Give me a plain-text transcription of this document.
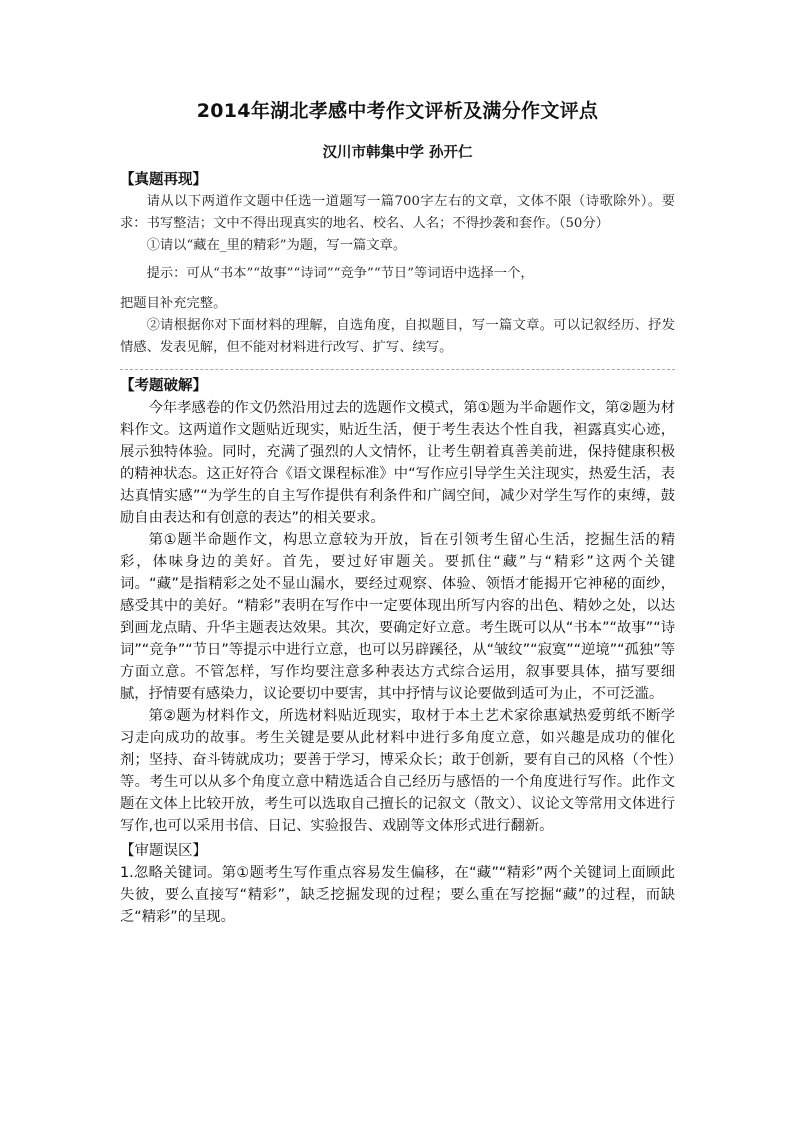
2014年湖北孝感中考作文评析及满分作文评点
汉川市韩集中学 孙开仁
【真题再现】

请从以下两道作文题中任选一道题写一篇700字左右的文章，文体不限（诗歌除外）。要求：书写整洁；文中不得出现真实的地名、校名、人名；不得抄袭和套作。（50分）

①请以“藏在_里的精彩”为题，写一篇文章。

提示：可从“书本”“故事”“诗词”“竞争”“节日”等词语中选择一个，

把题目补充完整。

②请根据你对下面材料的理解，自选角度，自拟题目，写一篇文章。可以记叙经历、抒发情感、发表见解，但不能对材料进行改写、扩写、续写。

【考题破解】

今年孝感卷的作文仍然沿用过去的选题作文模式，第①题为半命题作文，第②题为材料作文。这两道作文题贴近现实，贴近生活，便于考生表达个性自我，袒露真实心迹，展示独特体验。同时，充满了强烈的人文情怀，让考生朝着真善美前进，保持健康积极的精神状态。这正好符合《语文课程标准》中“写作应引导学生关注现实，热爱生活，表达真情实感”“为学生的自主写作提供有利条件和广阔空间，减少对学生写作的束缚，鼓励自由表达和有创意的表达”的相关要求。

第①题半命题作文，构思立意较为开放，旨在引领考生留心生活，挖掘生活的精彩，体味身边的美好。首先，要过好审题关。要抓住“藏”与“精彩”这两个关键词。“藏”是指精彩之处不显山漏水，要经过观察、体验、领悟才能揭开它神秘的面纱，感受其中的美好。“精彩”表明在写作中一定要体现出所写内容的出色、精妙之处，以达到画龙点睛、升华主题表达效果。其次，要确定好立意。考生既可以从“书本”“故事”“诗词”“竞争”“节日”等提示中进行立意，也可以另辟蹊径，从“皱纹”“寂寞”“逆境”“孤独”等方面立意。不管怎样，写作均要注意多种表达方式综合运用，叙事要具体，描写要细腻，抒情要有感染力，议论要切中要害，其中抒情与议论要做到适可为止，不可泛滥。

第②题为材料作文，所选材料贴近现实，取材于本土艺术家徐惠斌热爱剪纸不断学习走向成功的故事。考生关键是要从此材料中进行多角度立意，如兴趣是成功的催化剂；坚持、奋斗铸就成功；要善于学习，博采众长；敢于创新，要有自己的风格（个性）等。考生可以从多个角度立意中精选适合自己经历与感悟的一个角度进行写作。此作文题在文体上比较开放，考生可以选取自己擅长的记叙文（散文）、议论文等常用文体进行写作,也可以采用书信、日记、实验报告、戏剧等文体形式进行翻新。

【审题误区】

1.忽略关键词。第①题考生写作重点容易发生偏移，在“藏”“精彩”两个关键词上面顾此失彼，要么直接写“精彩”，缺乏挖掘发现的过程；要么重在写挖掘“藏”的过程，而缺乏“精彩”的呈现。
